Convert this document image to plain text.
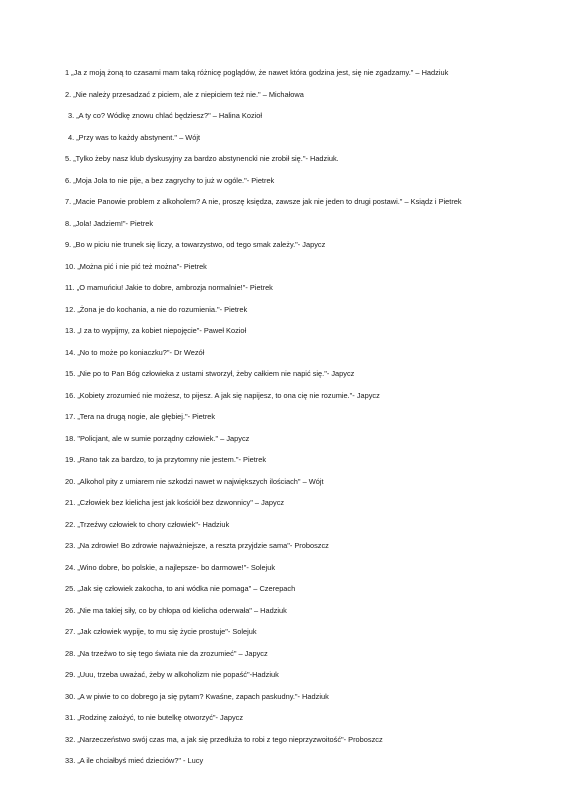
1 „Ja z moją żoną to czasami mam taką różnicę poglądów, że nawet która godzina jest, się nie zgadzamy." – Hadziuk
2. „Nie należy przesadzać z piciem, ale z niepiciem też nie." – Michałowa
3. „A ty co? Wódkę znowu chlać będziesz?" – Halina Kozioł
4. „Przy was to każdy abstynent." – Wójt
5. „Tylko żeby nasz klub dyskusyjny za bardzo abstynencki nie zrobił się."- Hadziuk.
6. „Moja Jola to nie pije, a bez zagrychy to już w ogóle."- Pietrek
7. „Macie Panowie problem z alkoholem? A nie, proszę księdza, zawsze jak nie jeden to drugi postawi." – Ksiądz i Pietrek
8. „Jola! Jadziem!"- Pietrek
9. „Bo w piciu nie trunek się liczy, a towarzystwo, od tego smak zależy."- Japycz
10. „Można pić i nie pić też można"- Pietrek
11. „O mamuńciu! Jakie to dobre, ambrozja normalnie!"- Pietrek
12. „Żona je do kochania, a nie do rozumienia."- Pietrek
13. „I za to wypijmy, za kobiet niepojęcie"- Paweł Kozioł
14. „No to może po koniaczku?"- Dr Wezół
15. „Nie po to Pan Bóg człowieka z ustami stworzył, żeby całkiem nie napić się."- Japycz
16. „Kobiety zrozumieć nie możesz, to pijesz. A jak się napijesz, to ona cię nie rozumie."- Japycz
17. „Tera na drugą nogie, ale głębiej."- Pietrek
18. "Policjant, ale w sumie porządny człowiek." – Japycz
19. „Rano tak za bardzo, to ja przytomny nie jestem."- Pietrek
20. „Alkohol pity z umiarem nie szkodzi nawet w największych ilościach" – Wójt
21. „Człowiek bez kielicha jest jak kościół bez dzwonnicy" – Japycz
22. „Trzeźwy człowiek to chory człowiek"- Hadziuk
23. „Na zdrowie! Bo zdrowie najważniejsze, a reszta przyjdzie sama"- Proboszcz
24. „Wino dobre, bo polskie, a najlepsze- bo darmowe!"- Solejuk
25. „Jak się człowiek zakocha, to ani wódka nie pomaga" – Czerepach
26. „Nie ma takiej siły, co by chłopa od kielicha oderwała" – Hadziuk
27. „Jak człowiek wypije, to mu się życie prostuje"- Solejuk
28. „Na trzeźwo to się tego świata nie da zrozumieć" – Japycz
29. „Uuu, trzeba uważać, żeby w alkoholizm nie popaść"-Hadziuk
30. „A w piwie to co dobrego ja się pytam? Kwaśne, zapach paskudny."- Hadziuk
31. „Rodzinę założyć, to nie butelkę otworzyć"- Japycz
32. „Narzeczeństwo swój czas ma, a jak się przedłuża to robi z tego nieprzyzwoitość"- Proboszcz
33. „A ile chciałbyś mieć dzieciów?" - Lucy
